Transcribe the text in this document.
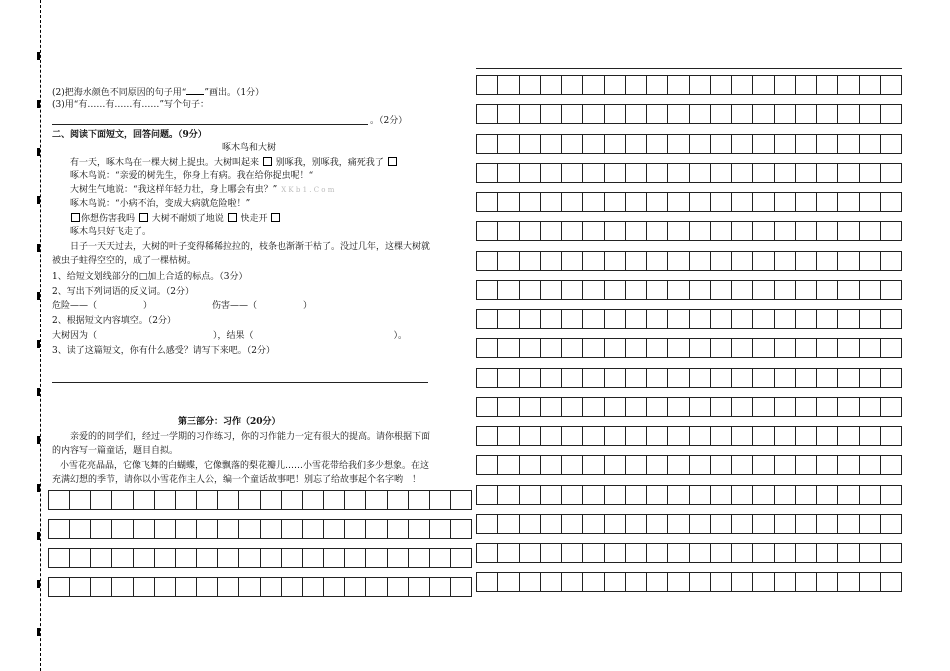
(2)把海水颜色不同原因的句子用“ ”画出。（1分）
(3)用“有……有……有……”写个句子：
。（2分）
二、阅读下面短文，回答问题。（9分）
啄木鸟和大树
有一天，啄木鸟在一棵大树上捉虫。大树叫起来 别啄我，别啄我，痛死我了
啄木鸟说：“亲爱的树先生，你身上有病。我在给你捉虫呢！“
大树生气地说：“我这样年轻力壮，身上哪会有虫？” X K b 1 . C o m
啄木鸟说：“小病不治，变成大病就危险啦！”
你想伤害我吗 大树不耐烦了地说 快走开
啄木鸟只好飞走了。
日子一天天过去，大树的叶子变得稀稀拉拉的，枝条也渐渐干枯了。没过几年，这棵大树就
被虫子蛀得空空的，成了一棵枯树。
1、给短文划线部分的□加上合适的标点。（3分）
2、写出下列词语的反义词。（2分）
危险——（	）	伤害——（	）
2、根据短文内容填空。（2分）
大树因为（	），结果（	）。
3、读了这篇短文，你有什么感受？请写下来吧。（2分）
第三部分：习作（20分）
亲爱的的同学们，经过一学期的习作练习，你的习作能力一定有很大的提高。请你根据下面
的内容写一篇童话，题目自拟。
小雪花亮晶晶，它像飞舞的白蝴蝶，它像飘落的梨花瓣儿……小雪花带给我们多少想象。在这
充满幻想的季节，请你以小雪花作主人公，编一个童话故事吧！别忘了给故事起个名字哟　！
